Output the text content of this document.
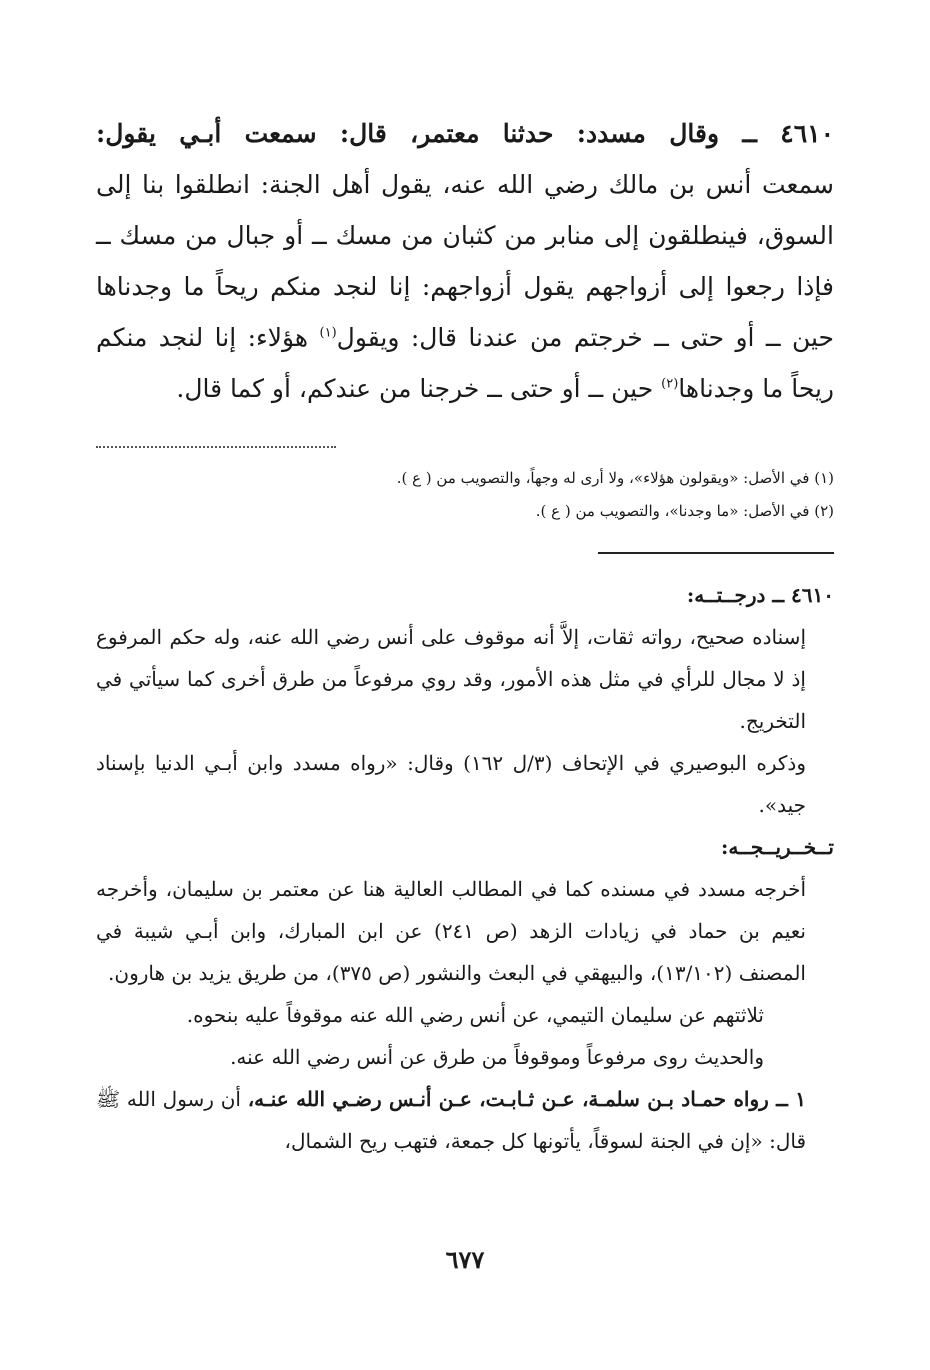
٤٦١٠ ــ وقال مسدد: حدثنا معتمر، قال: سمعت أبـي يقول:
سمعت أنس بن مالك رضي الله عنه، يقول أهل الجنة: انطلقوا بنا إلى
السوق، فينطلقون إلى منابر من كثبان من مسك ــ أو جبال من مسك ــ
فإذا رجعوا إلى أزواجهم يقول أزواجهم: إنا لنجد منكم ريحاً ما وجدناها
حين ــ أو حتى ــ خرجتم من عندنا قال: ويقول$^{(١)}$ هؤلاء: إنا لنجد منكم
ريحاً ما وجدناها$^{(٢)}$ حين ــ أو حتى ــ خرجنا من عندكم، أو كما قال.
(١) في الأصل: «ويقولون هؤلاء»، ولا أرى له وجهاً، والتصويب من ( ع ).
(٢) في الأصل: «ما وجدنا»، والتصويب من ( ع ).
٤٦١٠ ــ درجــتــه:
إسناده صحيح، رواته ثقات، إلاَّ أنه موقوف على أنس رضي الله عنه، وله حكم المرفوع إذ لا مجال للرأي في مثل هذه الأمور، وقد روي مرفوعاً من طرق أخرى كما سيأتي في التخريج.
وذكره البوصيري في الإتحاف (٣/ل ١٦٢) وقال: «رواه مسدد وابن أبـي الدنيا بإسناد جيد».
تــخــريــجــه:
أخرجه مسدد في مسنده كما في المطالب العالية هنا عن معتمر بن سليمان، وأخرجه نعيم بن حماد في زيادات الزهد (ص ٢٤١) عن ابن المبارك، وابن أبـي شيبة في المصنف (١٣/١٠٢)، والبيهقي في البعث والنشور (ص ٣٧٥)، من طريق يزيد بن هارون.
ثلاثتهم عن سليمان التيمي، عن أنس رضي الله عنه موقوفاً عليه بنحوه.
والحديث روى مرفوعاً وموقوفاً من طرق عن أنس رضي الله عنه.
١ ــ رواه حمـاد بـن سلمـة، عـن ثـابـت، عـن أنـس رضـي الله عنـه، أن رسول الله ﷺ قال: «إن في الجنة لسوقاً، يأتونها كل جمعة، فتهب ريح الشمال،
٦٧٧
